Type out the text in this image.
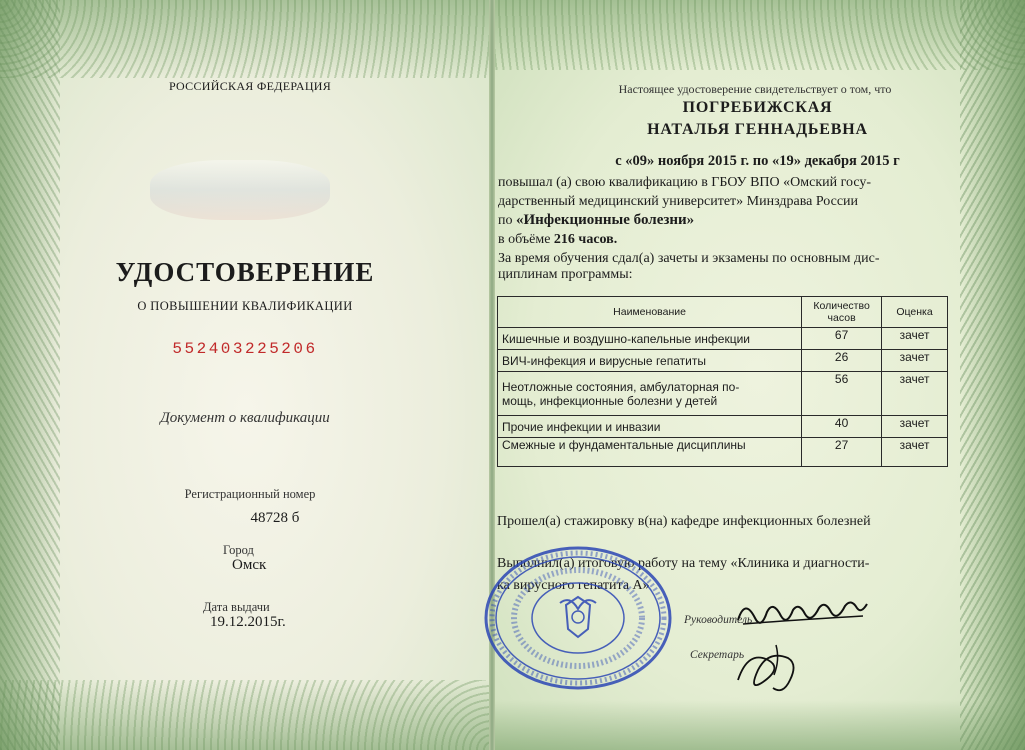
РОССИЙСКАЯ ФЕДЕРАЦИЯ
УДОСТОВЕРЕНИЕ
О ПОВЫШЕНИИ КВАЛИФИКАЦИИ
552403225206
Документ о квалификации
Регистрационный номер
48728 б
Город
Омск
Дата выдачи
19.12.2015г.
Настоящее удостоверение свидетельствует о том, что
ПОГРЕБИЖСКАЯ
НАТАЛЬЯ ГЕННАДЬЕВНА
с «09» ноября 2015 г. по «19» декабря 2015 г
повышал (а) свою квалификацию в ГБОУ ВПО «Омский госу-
дарственный медицинский университет» Минздрава России
по «Инфекционные болезни»
в объёме 216 часов.
За время обучения сдал(а) зачеты и экзамены по основным дис-
циплинам программы:
Наименование	Количество часов	Оценка
Кишечные и воздушно-капельные инфекции	67	зачет
ВИЧ-инфекция и вирусные гепатиты	26	зачет

Неотложные состояния, амбулаторная по-
мощь, инфекционные болезни у детей	56	зачет
Прочие инфекции и инвазии	40	зачет
Смежные и фундаментальные дисциплины	27	зачет
Прошел(а) стажировку в(на) кафедре инфекционных болезней
Выполнил(а) итоговую работу на тему «Клиника и диагности-
ка вирусного гепатита А»
Руководитель
Секретарь
